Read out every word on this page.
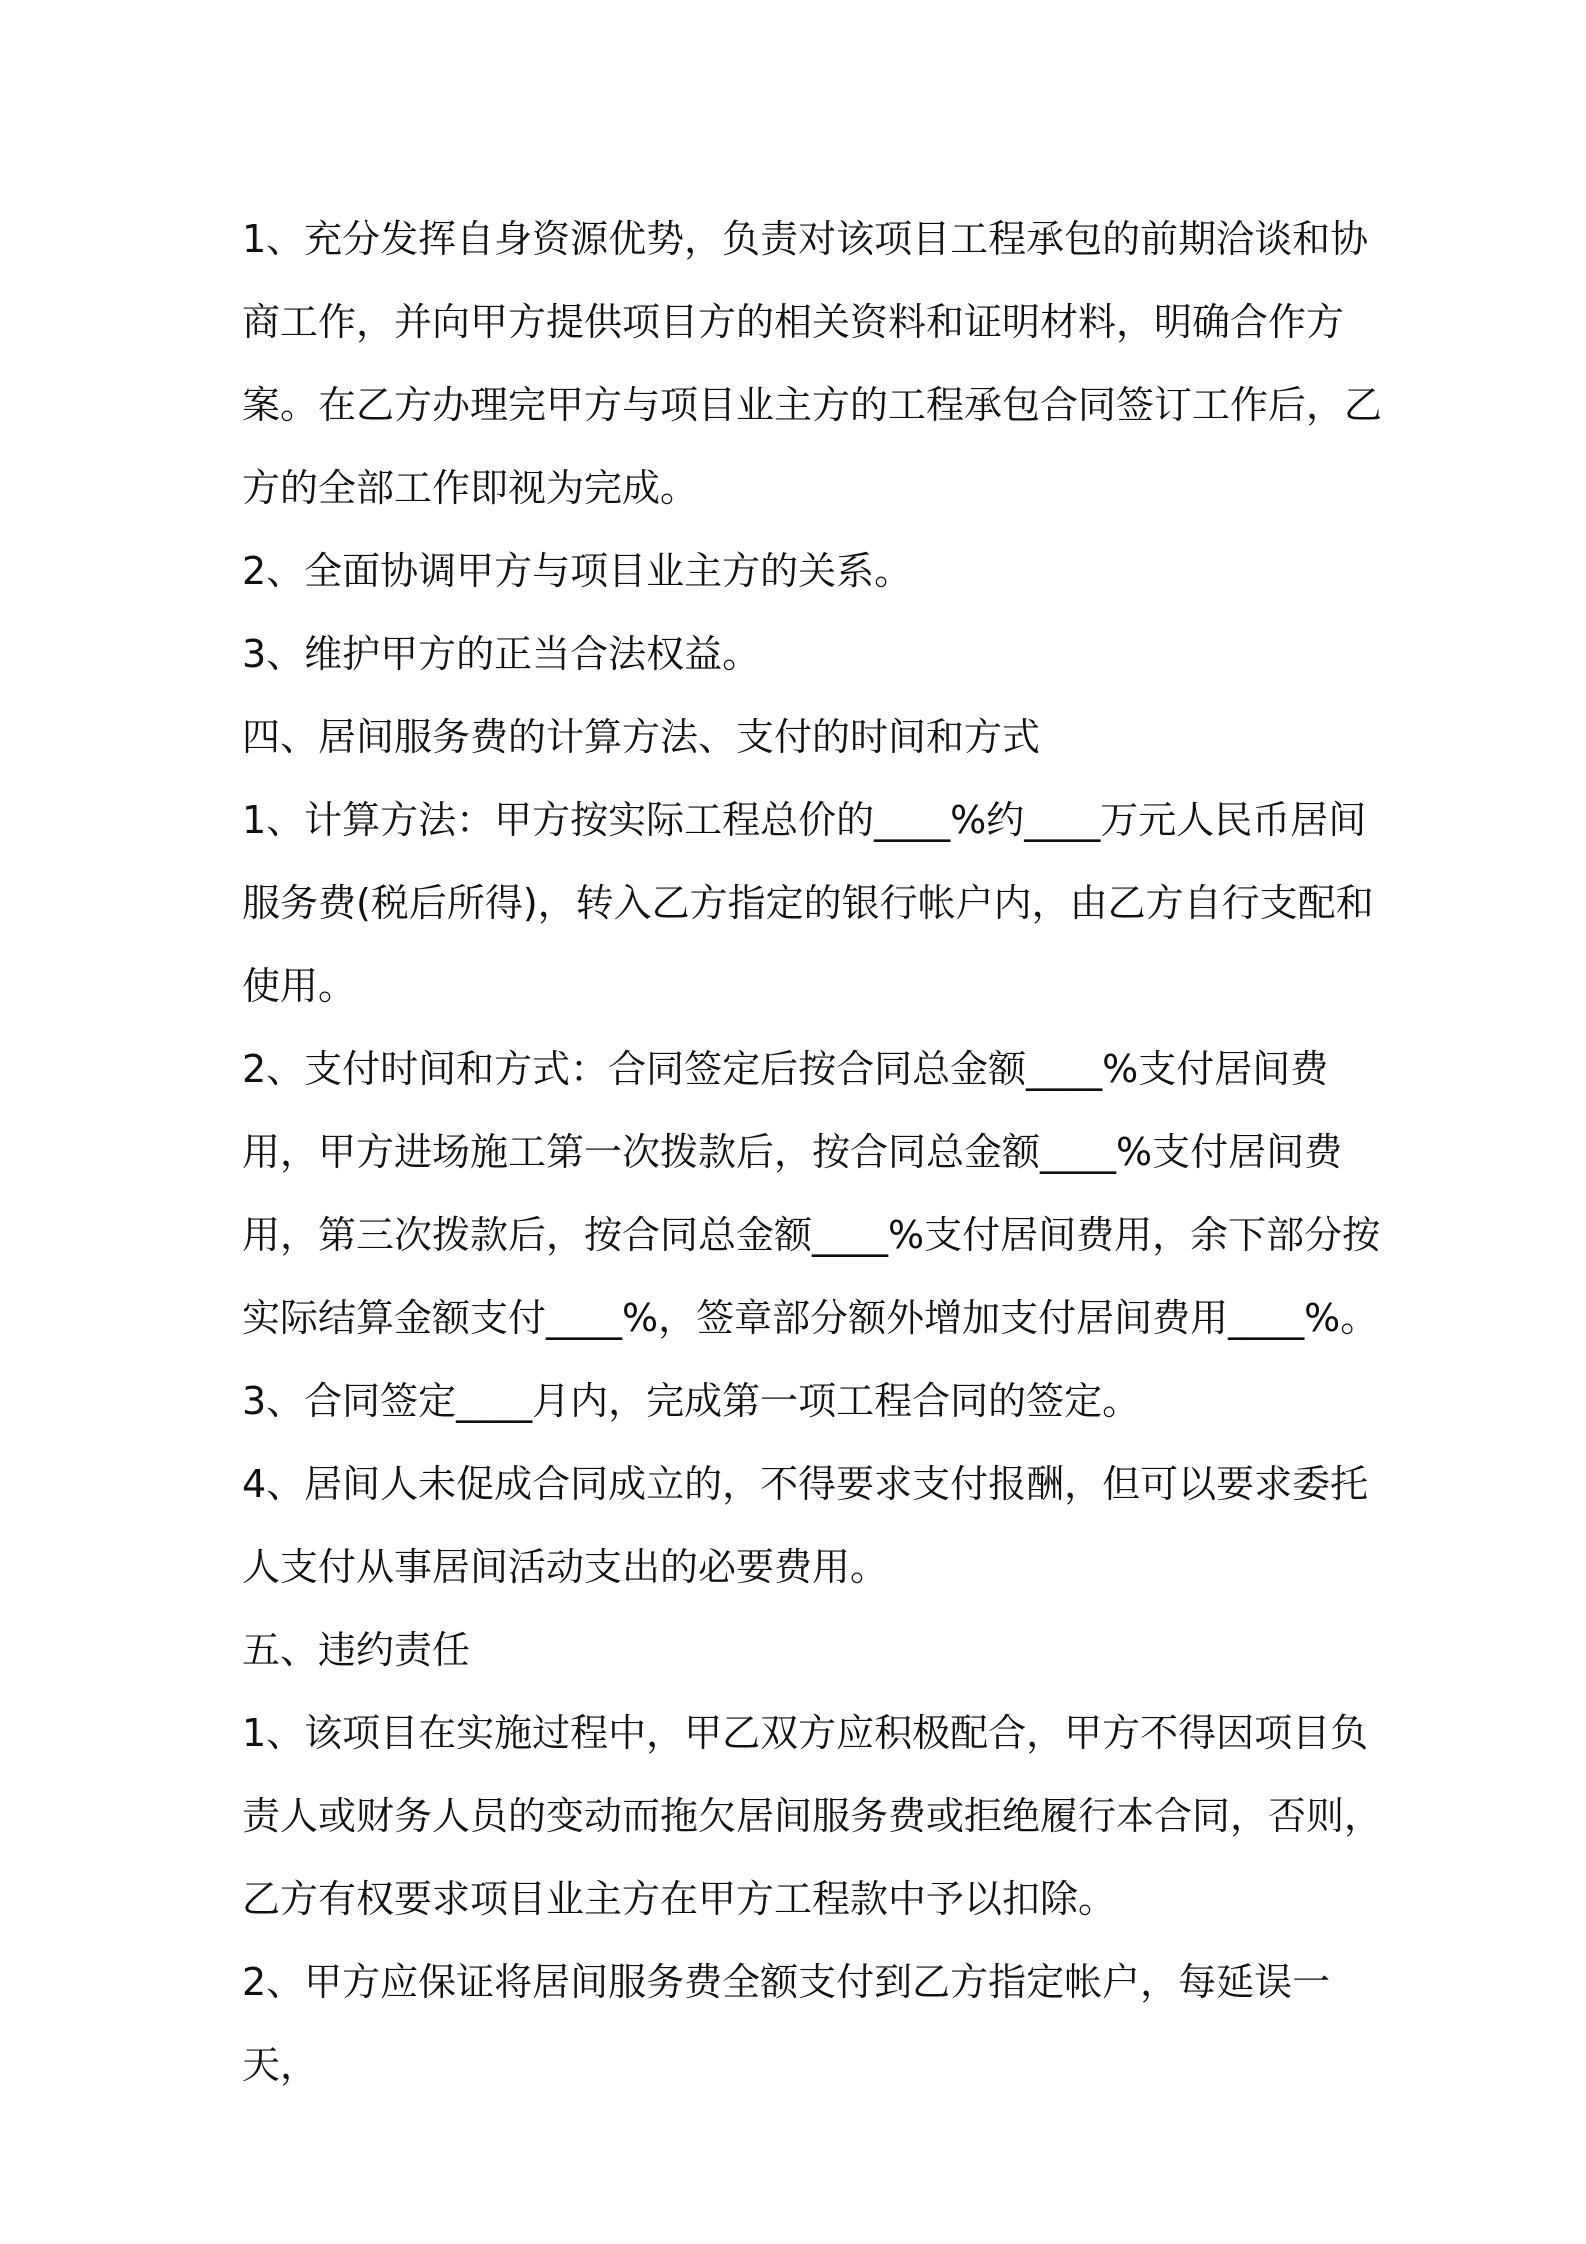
1、充分发挥自身资源优势，负责对该项目工程承包的前期洽谈和协商工作，并向甲方提供项目方的相关资料和证明材料，明确合作方案。在乙方办理完甲方与项目业主方的工程承包合同签订工作后，乙方的全部工作即视为完成。

2、全面协调甲方与项目业主方的关系。

3、维护甲方的正当合法权益。

四、居间服务费的计算方法、支付的时间和方式

1、计算方法：甲方按实际工程总价的____%约____万元人民币居间服务费(税后所得)，转入乙方指定的银行帐户内，由乙方自行支配和使用。

2、支付时间和方式：合同签定后按合同总金额____%支付居间费用，甲方进场施工第一次拨款后，按合同总金额____%支付居间费用，第三次拨款后，按合同总金额____%支付居间费用，余下部分按实际结算金额支付____%，签章部分额外增加支付居间费用____%。

3、合同签定____月内，完成第一项工程合同的签定。

4、居间人未促成合同成立的，不得要求支付报酬，但可以要求委托人支付从事居间活动支出的必要费用。

五、违约责任

1、该项目在实施过程中，甲乙双方应积极配合，甲方不得因项目负责人或财务人员的变动而拖欠居间服务费或拒绝履行本合同，否则，乙方有权要求项目业主方在甲方工程款中予以扣除。

2、甲方应保证将居间服务费全额支付到乙方指定帐户，每延误一天，
